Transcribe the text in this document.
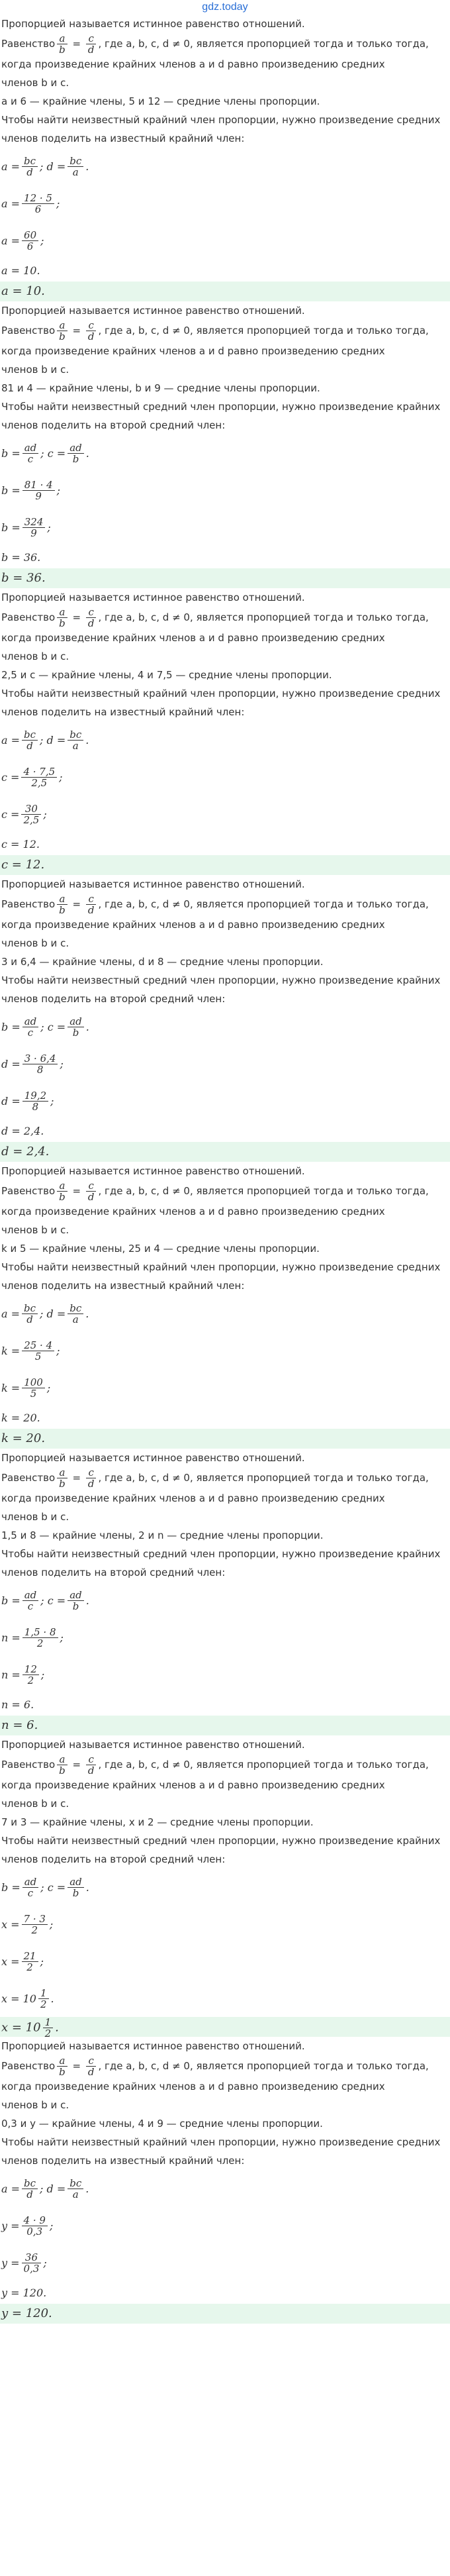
gdz.today

Пропорцией называется истинное равенство отношений.

Равенство $\frac{a}{b} = \frac{c}{d}$ , где a, b, c, d ≠ 0, является пропорцией тогда и только тогда,

когда произведение крайних членов a и d равно произведению средних

членов b и c.

a и 6 — крайние члены, 5 и 12 — средние члены пропорции.

Чтобы найти неизвестный крайний член пропорции, нужно произведение средних членов поделить на известный крайний член:

$a = \frac{bc}{d}$ ; $d = \frac{bc}{a}$ .
$a = \frac{12 \cdot 5}{6}$ ;
$a = \frac{60}{6}$ ;
a = 10.
a = 10.

Пропорцией называется истинное равенство отношений.

Равенство $\frac{a}{b} = \frac{c}{d}$ , где a, b, c, d ≠ 0, является пропорцией тогда и только тогда,

когда произведение крайних членов a и d равно произведению средних

членов b и c.

81 и 4 — крайние члены, b и 9 — средние члены пропорции.

Чтобы найти неизвестный средний член пропорции, нужно произведение крайних членов поделить на второй средний член:

$b = \frac{ad}{c}$ ; $c = \frac{ad}{b}$ .
$b = \frac{81 \cdot 4}{9}$ ;
$b = \frac{324}{9}$ ;
b = 36.
b = 36.

Пропорцией называется истинное равенство отношений.

Равенство $\frac{a}{b} = \frac{c}{d}$ , где a, b, c, d ≠ 0, является пропорцией тогда и только тогда,

когда произведение крайних членов a и d равно произведению средних

членов b и c.

2,5 и c — крайние члены, 4 и 7,5 — средние члены пропорции.

Чтобы найти неизвестный крайний член пропорции, нужно произведение средних членов поделить на известный крайний член:

$a = \frac{bc}{d}$ ; $d = \frac{bc}{a}$ .
$c = \frac{4 \cdot 7,5}{2,5}$ ;
$c = \frac{30}{2,5}$ ;
c = 12.
c = 12.

Пропорцией называется истинное равенство отношений.

Равенство $\frac{a}{b} = \frac{c}{d}$ , где a, b, c, d ≠ 0, является пропорцией тогда и только тогда,

когда произведение крайних членов a и d равно произведению средних

членов b и c.

3 и 6,4 — крайние члены, d и 8 — средние члены пропорции.

Чтобы найти неизвестный средний член пропорции, нужно произведение крайних членов поделить на второй средний член:

$b = \frac{ad}{c}$ ; $c = \frac{ad}{b}$ .
$d = \frac{3 \cdot 6,4}{8}$ ;
$d = \frac{19,2}{8}$ ;
d = 2,4.
d = 2,4.

Пропорцией называется истинное равенство отношений.

Равенство $\frac{a}{b} = \frac{c}{d}$ , где a, b, c, d ≠ 0, является пропорцией тогда и только тогда,

когда произведение крайних членов a и d равно произведению средних

членов b и c.

k и 5 — крайние члены, 25 и 4 — средние члены пропорции.

Чтобы найти неизвестный крайний член пропорции, нужно произведение средних членов поделить на известный крайний член:

$a = \frac{bc}{d}$ ; $d = \frac{bc}{a}$ .
$k = \frac{25 \cdot 4}{5}$ ;
$k = \frac{100}{5}$ ;
k = 20.
k = 20.

Пропорцией называется истинное равенство отношений.

Равенство $\frac{a}{b} = \frac{c}{d}$ , где a, b, c, d ≠ 0, является пропорцией тогда и только тогда,

когда произведение крайних членов a и d равно произведению средних

членов b и c.

1,5 и 8 — крайние члены, 2 и n — средние члены пропорции.

Чтобы найти неизвестный средний член пропорции, нужно произведение крайних членов поделить на второй средний член:

$b = \frac{ad}{c}$ ; $c = \frac{ad}{b}$ .
$n = \frac{1,5 \cdot 8}{2}$ ;
$n = \frac{12}{2}$ ;
n = 6.
n = 6.

Пропорцией называется истинное равенство отношений.

Равенство $\frac{a}{b} = \frac{c}{d}$ , где a, b, c, d ≠ 0, является пропорцией тогда и только тогда,

когда произведение крайних членов a и d равно произведению средних

членов b и c.

7 и 3 — крайние члены, x и 2 — средние члены пропорции.

Чтобы найти неизвестный средний член пропорции, нужно произведение крайних членов поделить на второй средний член:

$b = \frac{ad}{c}$ ; $c = \frac{ad}{b}$ .
$x = \frac{7 \cdot 3}{2}$ ;
$x = \frac{21}{2}$ ;
$x = 10 \frac{1}{2}$ .
$x = 10 \frac{1}{2}$ .

Пропорцией называется истинное равенство отношений.

Равенство $\frac{a}{b} = \frac{c}{d}$ , где a, b, c, d ≠ 0, является пропорцией тогда и только тогда,

когда произведение крайних членов a и d равно произведению средних

членов b и c.

0,3 и y — крайние члены, 4 и 9 — средние члены пропорции.

Чтобы найти неизвестный крайний член пропорции, нужно произведение средних членов поделить на известный крайний член:

$a = \frac{bc}{d}$ ; $d = \frac{bc}{a}$ .
$y = \frac{4 \cdot 9}{0,3}$ ;
$y = \frac{36}{0,3}$ ;
y = 120.
y = 120.
